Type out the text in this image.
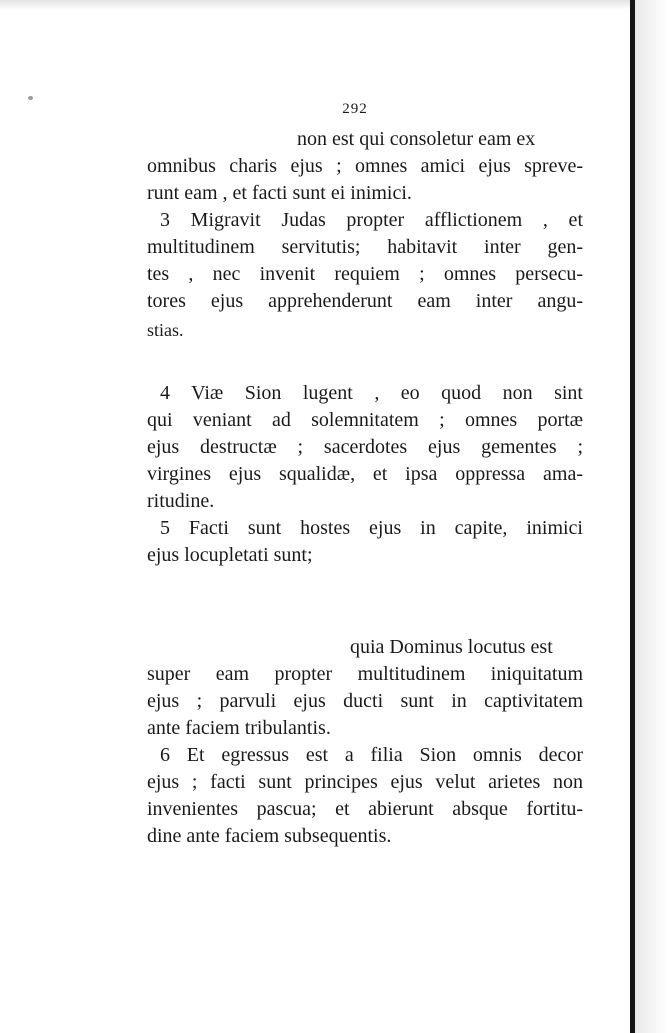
292
non est qui consoletur eam ex
omnibus charis ejus ; omnes amici ejus spreve-
runt eam , et facti sunt ei inimici.
3 Migravit Judas propter afflictionem , et
multitudinem servitutis; habitavit inter gen-
tes , nec invenit requiem ; omnes persecu-
tores ejus apprehenderunt eam inter angu-
stias.
4 Viæ Sion lugent , eo quod non sint
qui veniant ad solemnitatem ; omnes portæ
ejus destructæ ; sacerdotes ejus gementes ;
virgines ejus squalidæ, et ipsa oppressa ama-
ritudine.
5 Facti sunt hostes ejus in capite, inimici
ejus locupletati sunt;
quia Dominus locutus est
super eam propter multitudinem iniquitatum
ejus ; parvuli ejus ducti sunt in captivitatem
ante faciem tribulantis.
6 Et egressus est a filia Sion omnis decor
ejus ; facti sunt principes ejus velut arietes non
invenientes pascua; et abierunt absque fortitu-
dine ante faciem subsequentis.
